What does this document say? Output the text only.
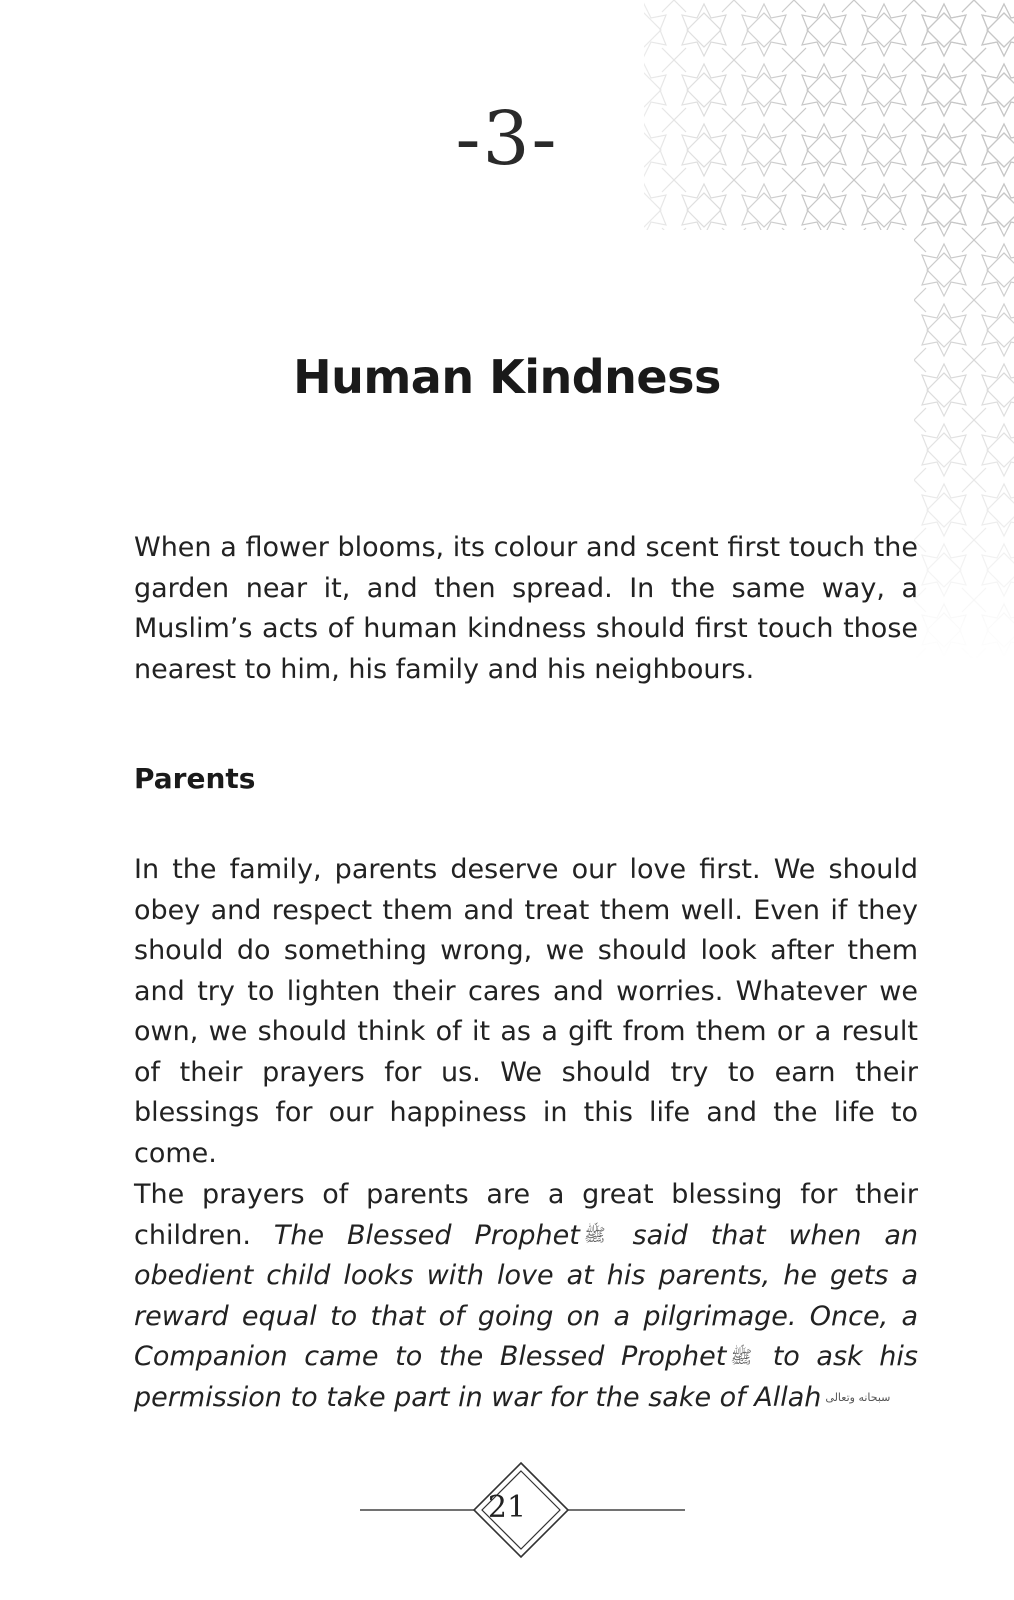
-3-
Human Kindness

When a flower blooms, its colour and scent first touch the garden near it, and then spread. In the same way, a Muslim’s acts of human kindness should first touch those nearest to him, his family and his neighbours.

Parents

In the family, parents deserve our love first. We should obey and respect them and treat them well. Even if they should do something wrong, we should look after them and try to lighten their cares and worries. Whatever we own, we should think of it as a gift from them or a result of their prayers for us. We should try to earn their blessings for our happiness in this life and the life to come.

The prayers of parents are a great blessing for their children. The Blessed Prophet ﷺ said that when an obedient child looks with love at his parents, he gets a reward equal to that of going on a pilgrimage. Once, a Companion came to the Blessed Prophet ﷺ to ask his permission to take part in war for the sake of Allah سبحانه وتعالى

21
